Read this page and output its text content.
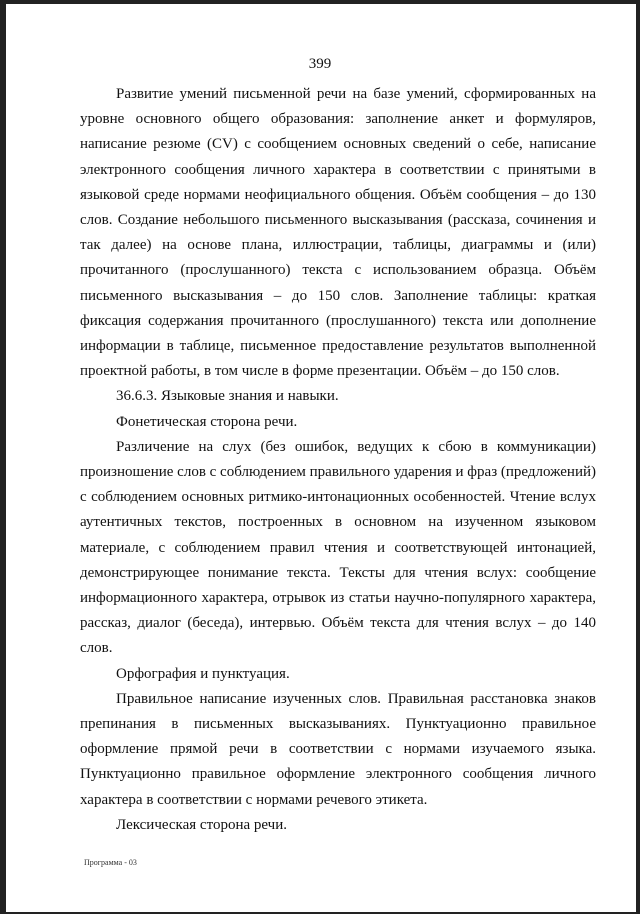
399

Развитие умений письменной речи на базе умений, сформированных на уровне основного общего образования: заполнение анкет и формуляров, написание резюме (CV) с сообщением основных сведений о себе, написание электронного сообщения личного характера в соответствии с принятыми в языковой среде нормами неофициального общения. Объём сообщения – до 130 слов. Создание небольшого письменного высказывания (рассказа, сочинения и так далее) на основе плана, иллюстрации, таблицы, диаграммы и (или) прочитанного (прослушанного) текста с использованием образца. Объём письменного высказывания – до 150 слов. Заполнение таблицы: краткая фиксация содержания прочитанного (прослушанного) текста или дополнение информации в таблице, письменное предоставление результатов выполненной проектной работы, в том числе в форме презентации. Объём – до 150 слов.

36.6.3. Языковые знания и навыки.

Фонетическая сторона речи.

Различение на слух (без ошибок, ведущих к сбою в коммуникации) произношение слов с соблюдением правильного ударения и фраз (предложений) с соблюдением основных ритмико-интонационных особенностей. Чтение вслух аутентичных текстов, построенных в основном на изученном языковом материале, с соблюдением правил чтения и соответствующей интонацией, демонстрирующее понимание текста. Тексты для чтения вслух: сообщение информационного характера, отрывок из статьи научно-популярного характера, рассказ, диалог (беседа), интервью. Объём текста для чтения вслух – до 140 слов.

Орфография и пунктуация.

Правильное написание изученных слов. Правильная расстановка знаков препинания в письменных высказываниях. Пунктуационно правильное оформление прямой речи в соответствии с нормами изучаемого языка. Пунктуационно правильное оформление электронного сообщения личного характера в соответствии с нормами речевого этикета.

Лексическая сторона речи.

Программа - 03
